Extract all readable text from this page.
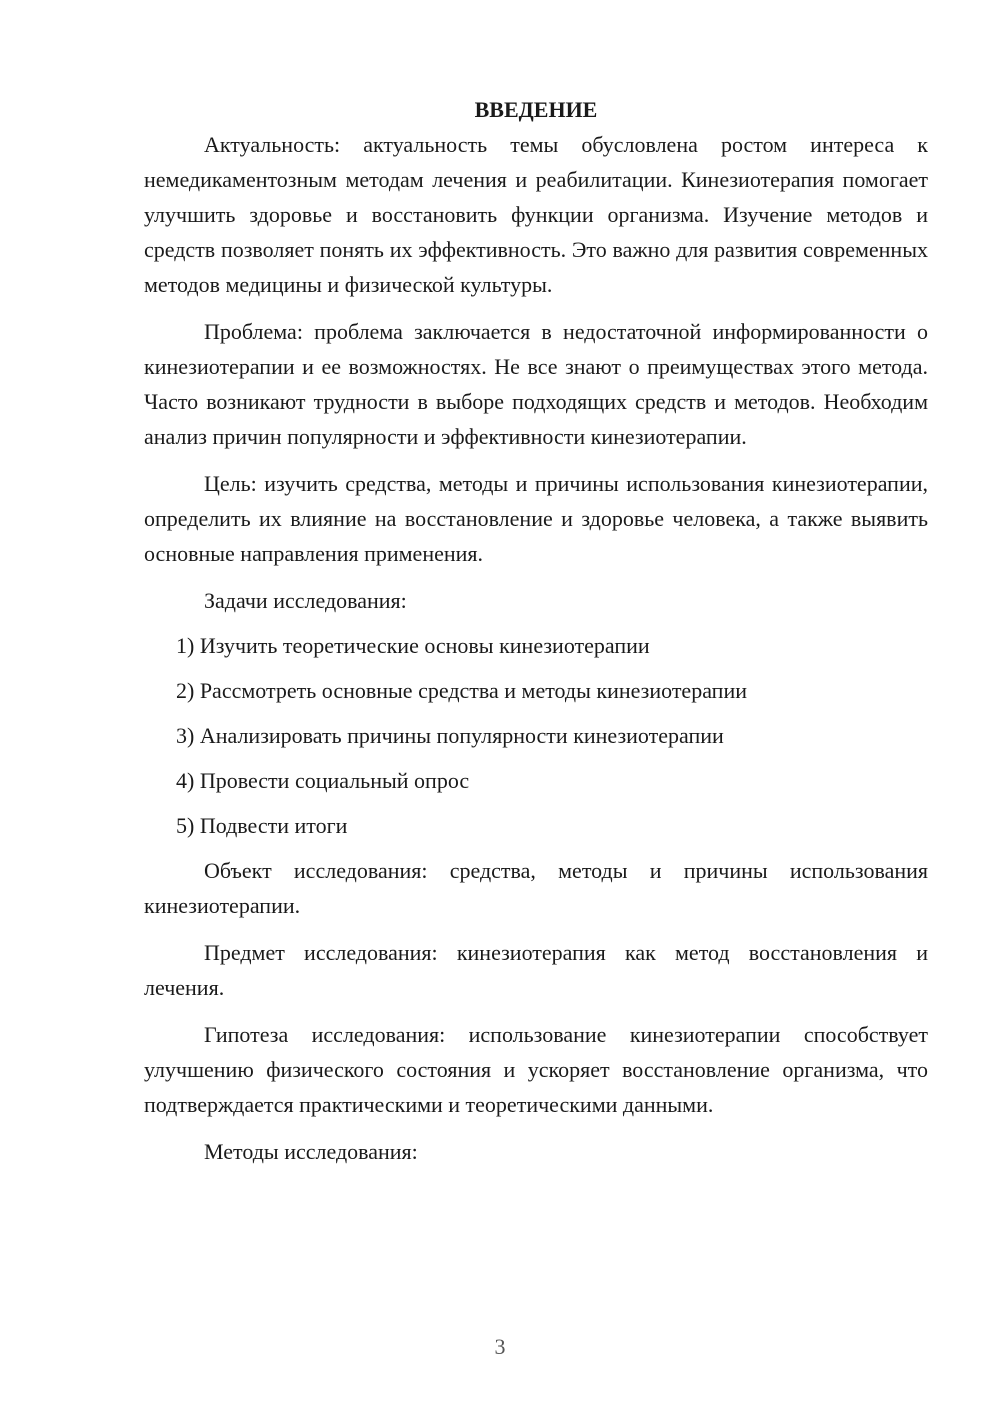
ВВЕДЕНИЕ

Актуальность: актуальность темы обусловлена ростом интереса к немедикаментозным методам лечения и реабилитации. Кинезиотерапия помогает улучшить здоровье и восстановить функции организма. Изучение методов и средств позволяет понять их эффективность. Это важно для развития современных методов медицины и физической культуры.

Проблема: проблема заключается в недостаточной информированности о кинезиотерапии и ее возможностях. Не все знают о преимуществах этого метода. Часто возникают трудности в выборе подходящих средств и методов. Необходим анализ причин популярности и эффективности кинезиотерапии.

Цель: изучить средства, методы и причины использования кинезиотерапии, определить их влияние на восстановление и здоровье человека, а также выявить основные направления применения.

Задачи исследования:

1) Изучить теоретические основы кинезиотерапии
2) Рассмотреть основные средства и методы кинезиотерапии
3) Анализировать причины популярности кинезиотерапии
4) Провести социальный опрос
5) Подвести итоги

Объект исследования: средства, методы и причины использования кинезиотерапии.

Предмет исследования: кинезиотерапия как метод восстановления и лечения.

Гипотеза исследования: использование кинезиотерапии способствует улучшению физического состояния и ускоряет восстановление организма, что подтверждается практическими и теоретическими данными.

Методы исследования:

3
